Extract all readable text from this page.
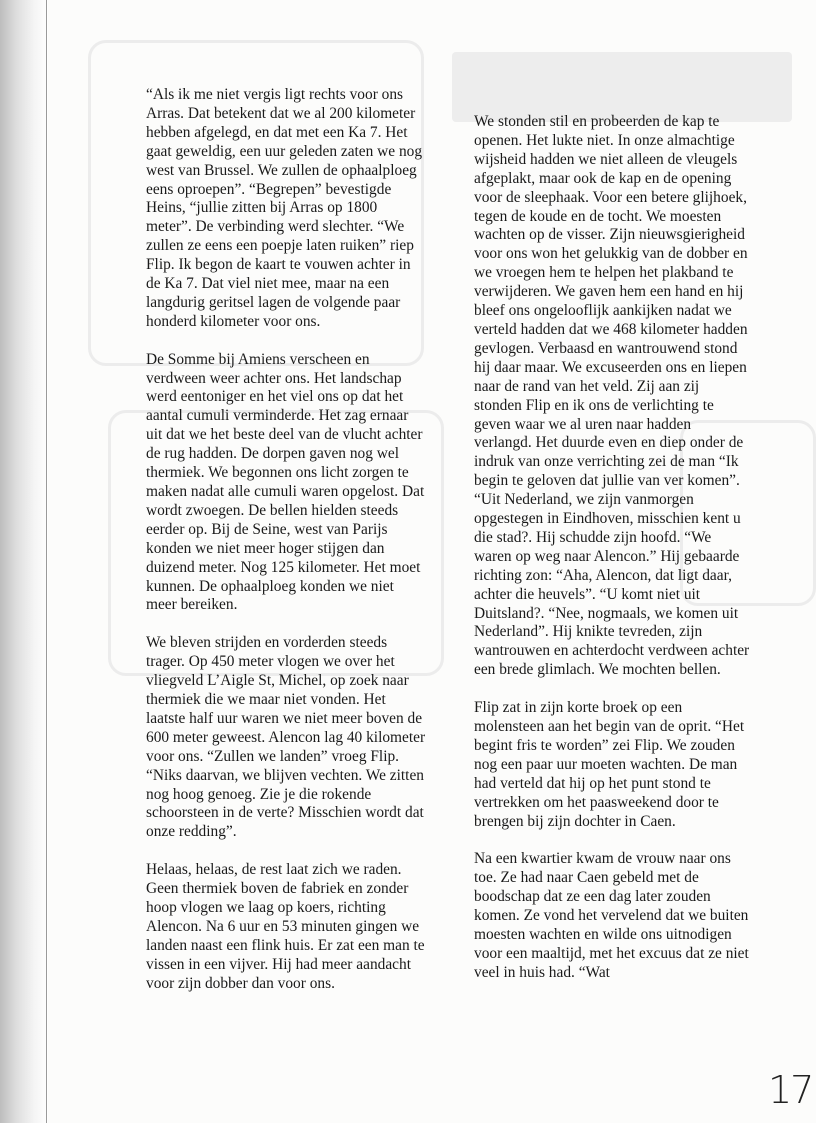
“Als ik me niet vergis ligt rechts voor ons Arras. Dat betekent dat we al 200 kilometer hebben afgelegd, en dat met een Ka 7. Het gaat geweldig, een uur geleden zaten we nog west van Brussel. We zullen de ophaalploeg eens oproepen”. “Begrepen” bevestigde Heins, “jullie zitten bij Arras op 1800 meter”. De verbinding werd slechter. “We zullen ze eens een poepje laten ruiken” riep Flip. Ik begon de kaart te vouwen achter in de Ka 7. Dat viel niet mee, maar na een langdurig geritsel lagen de volgende paar honderd kilometer voor ons.

De Somme bij Amiens verscheen en verdween weer achter ons. Het landschap werd eentoniger en het viel ons op dat het aantal cumuli verminderde. Het zag ernaar uit dat we het beste deel van de vlucht achter de rug hadden. De dorpen gaven nog wel thermiek. We begonnen ons licht zorgen te maken nadat alle cumuli waren opgelost. Dat wordt zwoegen. De bellen hielden steeds eerder op. Bij de Seine, west van Parijs konden we niet meer hoger stijgen dan duizend meter. Nog 125 kilometer. Het moet kunnen. De ophaalploeg konden we niet meer bereiken.

We bleven strijden en vorderden steeds trager. Op 450 meter vlogen we over het vliegveld L’Aigle St, Michel, op zoek naar thermiek die we maar niet vonden. Het laatste half uur waren we niet meer boven de 600 meter geweest. Alencon lag 40 kilometer voor ons. “Zullen we landen” vroeg Flip. “Niks daarvan, we blijven vechten. We zitten nog hoog genoeg. Zie je die rokende schoorsteen in de verte? Misschien wordt dat onze redding”.

Helaas, helaas, de rest laat zich we raden. Geen thermiek boven de fabriek en zonder hoop vlogen we laag op koers, richting Alencon. Na 6 uur en 53 minuten gingen we landen naast een flink huis. Er zat een man te vissen in een vijver. Hij had meer aandacht voor zijn dobber dan voor ons.

We stonden stil en probeerden de kap te openen. Het lukte niet. In onze almachtige wijsheid hadden we niet alleen de vleugels afgeplakt, maar ook de kap en de opening voor de sleephaak. Voor een betere glijhoek, tegen de koude en de tocht. We moesten wachten op de visser. Zijn nieuwsgierigheid voor ons won het gelukkig van de dobber en we vroegen hem te helpen het plakband te verwijderen. We gaven hem een hand en hij bleef ons ongelooflijk aankijken nadat we verteld hadden dat we 468 kilometer hadden gevlogen. Verbaasd en wantrouwend stond hij daar maar. We excuseerden ons en liepen naar de rand van het veld. Zij aan zij stonden Flip en ik ons de verlichting te geven waar we al uren naar hadden verlangd. Het duurde even en diep onder de indruk van onze verrichting zei de man “Ik begin te geloven dat jullie van ver komen”. “Uit Nederland, we zijn vanmorgen opgestegen in Eindhoven, misschien kent u die stad?. Hij schudde zijn hoofd. “We waren op weg naar Alencon.” Hij gebaarde richting zon: “Aha, Alencon, dat ligt daar, achter die heuvels”. “U komt niet uit Duitsland?. “Nee, nogmaals, we komen uit Nederland”. Hij knikte tevreden, zijn wantrouwen en achterdocht verdween achter een brede glimlach. We mochten bellen.

Flip zat in zijn korte broek op een molensteen aan het begin van de oprit. “Het begint fris te worden” zei Flip. We zouden nog een paar uur moeten wachten. De man had verteld dat hij op het punt stond te vertrekken om het paasweekend door te brengen bij zijn dochter in Caen.

Na een kwartier kwam de vrouw naar ons toe. Ze had naar Caen gebeld met de boodschap dat ze een dag later zouden komen. Ze vond het vervelend dat we buiten moesten wachten en wilde ons uitnodigen voor een maaltijd, met het excuus dat ze niet veel in huis had. “Wat

17
